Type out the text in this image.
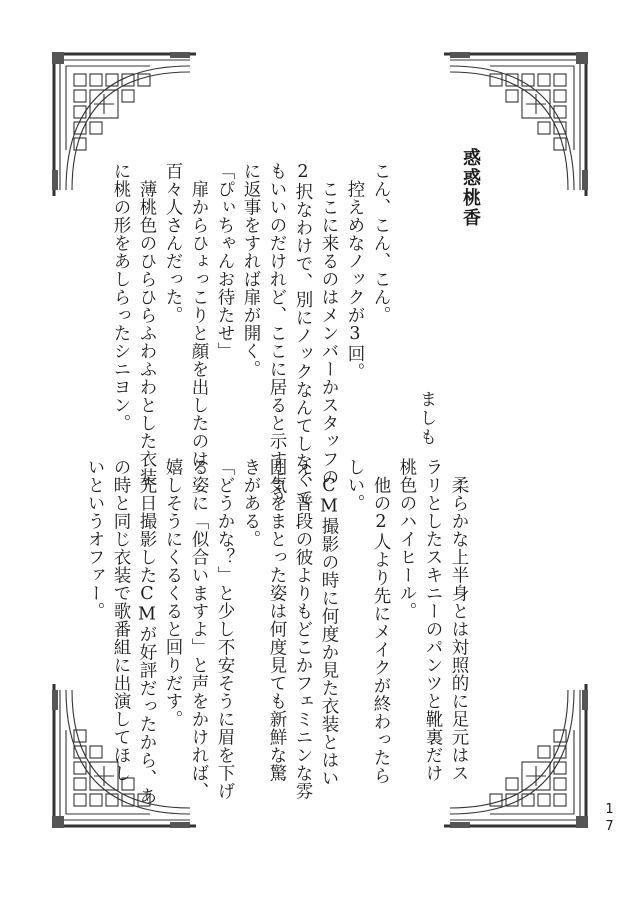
惑惑桃香
ましも
こん、こん、こん。
　控えめなノックが3回。
　ここに来るのはメンバーかスタッフの
2択なわけで、別にノックなんてしなくて
もいいのだけれど、ここに居ると示すよう
に返事をすれば扉が開く。
「ぴぃちゃんお待たせ」
　扉からひょっこりと顔を出したのは
百々人さんだった。
　薄桃色のひらひらふわふわとした衣装
に桃の形をあしらったシニヨン。
　柔らかな上半身とは対照的に足元はス
ラリとしたスキニーのパンツと靴裏だけ
桃色のハイヒール。
　他の2人より先にメイクが終わったら
しい。
　CM撮影の時に何度か見た衣装とはい
え、普段の彼よりもどこかフェミニンな雰
囲気をまとった姿は何度見ても新鮮な驚
きがある。
「どうかな？」と少し不安そうに眉を下げ
る姿に「似合いますよ」と声をかければ、
嬉しそうにくるくると回りだす。
　先日撮影したCMが好評だったから、あ
の時と同じ衣装で歌番組に出演してほし
いというオファー。
17
